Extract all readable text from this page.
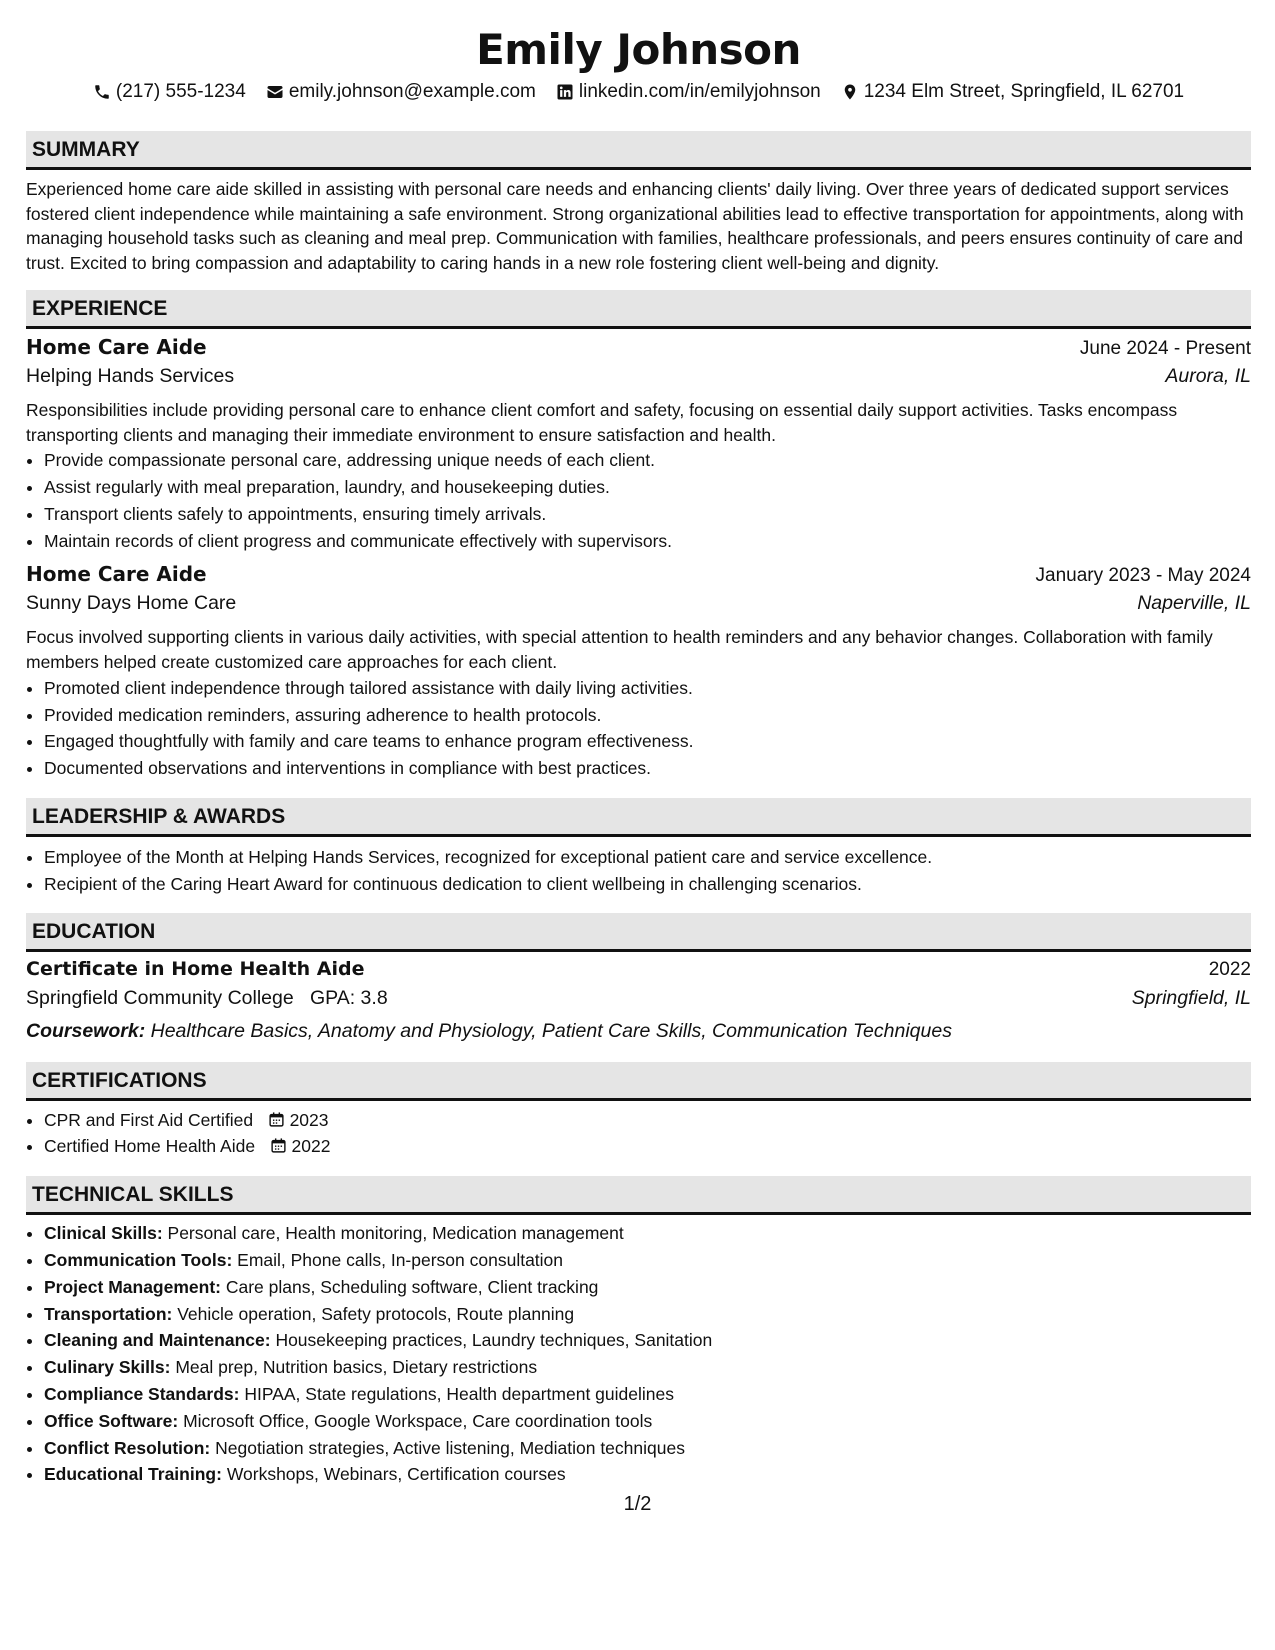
Emily Johnson
(217) 555-1234 emily.johnson@example.com linkedin.com/in/emilyjohnson 1234 Elm Street, Springfield, IL 62701
SUMMARY

Experienced home care aide skilled in assisting with personal care needs and enhancing clients' daily living. Over three years of dedicated support services fostered client independence while maintaining a safe environment. Strong organizational abilities lead to effective transportation for appointments, along with managing household tasks such as cleaning and meal prep. Communication with families, healthcare professionals, and peers ensures continuity of care and trust. Excited to bring compassion and adaptability to caring hands in a new role fostering client well-being and dignity.

EXPERIENCE
Home Care Aide	June 2024 - Present
Helping Hands Services	Aurora, IL

Responsibilities include providing personal care to enhance client comfort and safety, focusing on essential daily support activities. Tasks encompass transporting clients and managing their immediate environment to ensure satisfaction and health.

• Provide compassionate personal care, addressing unique needs of each client.
• Assist regularly with meal preparation, laundry, and housekeeping duties.
• Transport clients safely to appointments, ensuring timely arrivals.
• Maintain records of client progress and communicate effectively with supervisors.
Home Care Aide	January 2023 - May 2024
Sunny Days Home Care	Naperville, IL

Focus involved supporting clients in various daily activities, with special attention to health reminders and any behavior changes. Collaboration with family members helped create customized care approaches for each client.

• Promoted client independence through tailored assistance with daily living activities.
• Provided medication reminders, assuring adherence to health protocols.
• Engaged thoughtfully with family and care teams to enhance program effectiveness.
• Documented observations and interventions in compliance with best practices.
LEADERSHIP & AWARDS
• Employee of the Month at Helping Hands Services, recognized for exceptional patient care and service excellence.
• Recipient of the Caring Heart Award for continuous dedication to client wellbeing in challenging scenarios.
EDUCATION
Certificate in Home Health Aide	2022
Springfield Community College GPA: 3.8	Springfield, IL
Coursework: Healthcare Basics, Anatomy and Physiology, Patient Care Skills, Communication Techniques
CERTIFICATIONS
• CPR and First Aid Certified 2023
• Certified Home Health Aide 2022
TECHNICAL SKILLS
• Clinical Skills: Personal care, Health monitoring, Medication management
• Communication Tools: Email, Phone calls, In-person consultation
• Project Management: Care plans, Scheduling software, Client tracking
• Transportation: Vehicle operation, Safety protocols, Route planning
• Cleaning and Maintenance: Housekeeping practices, Laundry techniques, Sanitation
• Culinary Skills: Meal prep, Nutrition basics, Dietary restrictions
• Compliance Standards: HIPAA, State regulations, Health department guidelines
• Office Software: Microsoft Office, Google Workspace, Care coordination tools
• Conflict Resolution: Negotiation strategies, Active listening, Mediation techniques
• Educational Training: Workshops, Webinars, Certification courses
1/2
